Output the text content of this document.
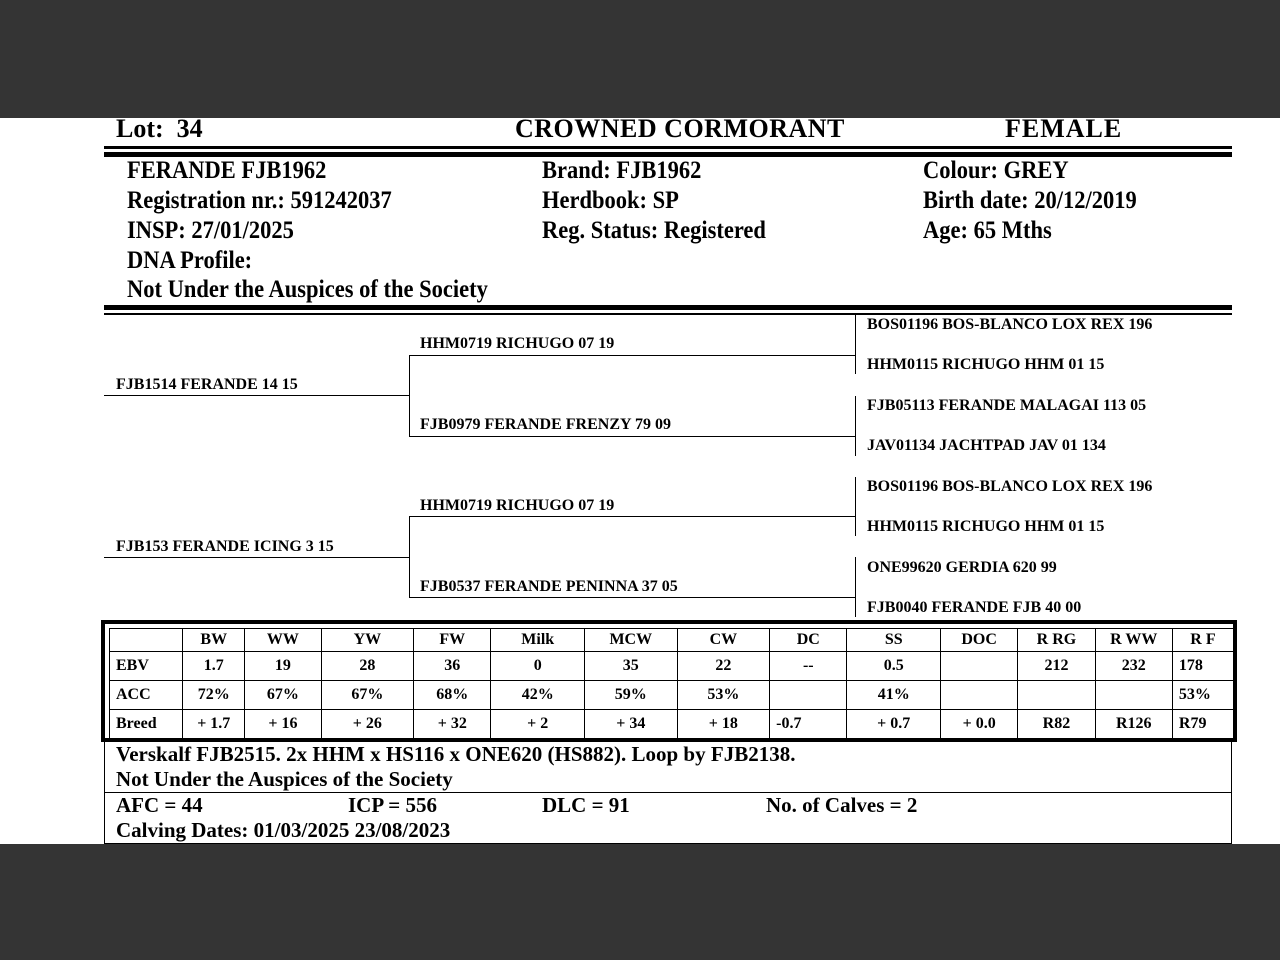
Lot: 34	CROWNED CORMORANT	FEMALE
FERANDE FJB1962
Registration nr.: 591242037
INSP: 27/01/2025
DNA Profile:
Not Under the Auspices of the Society
Brand: FJB1962
Herdbook: SP
Reg. Status: Registered
Colour: GREY
Birth date: 20/12/2019
Age: 65 Mths
FJB1514 FERANDE 14 15
HHM0719 RICHUGO 07 19
FJB0979 FERANDE FRENZY 79 09
FJB153 FERANDE ICING 3 15
HHM0719 RICHUGO 07 19
FJB0537 FERANDE PENINNA 37 05
BOS01196 BOS-BLANCO LOX REX 196
HHM0115 RICHUGO HHM 01 15
FJB05113 FERANDE MALAGAI 113 05
JAV01134 JACHTPAD JAV 01 134
BOS01196 BOS-BLANCO LOX REX 196
HHM0115 RICHUGO HHM 01 15
ONE99620 GERDIA 620 99
FJB0040 FERANDE FJB 40 00
	BW	WW	YW	FW	Milk	MCW	CW	DC	SS	DOC	R RG	R WW	R F
EBV	1.7	19	28	36	0	35	22	--	0.5		212	232	178
ACC	72%	67%	67%	68%	42%	59%	53%		41%				53%
Breed	+ 1.7	+ 16	+ 26	+ 32	+ 2	+ 34	+ 18	-0.7	+ 0.7	+ 0.0	R82	R126	R79
Verskalf FJB2515. 2x HHM x HS116 x ONE620 (HS882). Loop by FJB2138.
Not Under the Auspices of the Society
AFC = 44	ICP = 556	DLC = 91	No. of Calves = 2
Calving Dates: 01/03/2025 23/08/2023
